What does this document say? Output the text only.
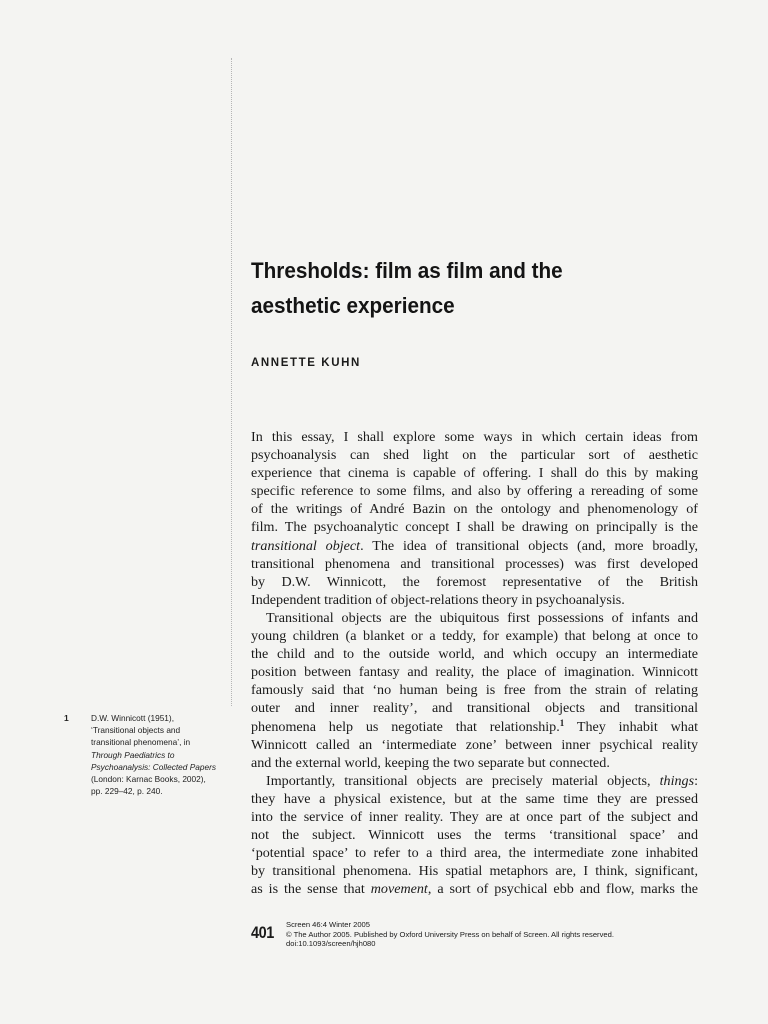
Thresholds: film as film and the
aesthetic experience

ANNETTE KUHN

In this essay, I shall explore some ways in which certain ideas from
psychoanalysis can shed light on the particular sort of aesthetic
experience that cinema is capable of offering. I shall do this by making
specific reference to some films, and also by offering a rereading of some
of the writings of André Bazin on the ontology and phenomenology of
film. The psychoanalytic concept I shall be drawing on principally is the
transitional object. The idea of transitional objects (and, more broadly,
transitional phenomena and transitional processes) was first developed
by D.W. Winnicott, the foremost representative of the British
Independent tradition of object-relations theory in psychoanalysis.
Transitional objects are the ubiquitous first possessions of infants and
young children (a blanket or a teddy, for example) that belong at once to
the child and to the outside world, and which occupy an intermediate
position between fantasy and reality, the place of imagination. Winnicott
famously said that ‘no human being is free from the strain of relating
outer and inner reality’, and transitional objects and transitional
phenomena help us negotiate that relationship.$^1$ They inhabit what
Winnicott called an ‘intermediate zone’ between inner psychical reality
and the external world, keeping the two separate but connected.
Importantly, transitional objects are precisely material objects, things:
they have a physical existence, but at the same time they are pressed
into the service of inner reality. They are at once part of the subject and
not the subject. Winnicott uses the terms ‘transitional space’ and
‘potential space’ to refer to a third area, the intermediate zone inhabited
by transitional phenomena. His spatial metaphors are, I think, significant,
as is the sense that movement, a sort of psychical ebb and flow, marks the
1	D.W. Winnicott (1951),
‘Transitional objects and
transitional phenomena’, in
Through Paediatrics to
Psychoanalysis: Collected Papers
(London: Karnac Books, 2002),
pp. 229–42, p. 240.
401 Screen 46:4 Winter 2005
© The Author 2005. Published by Oxford University Press on behalf of Screen. All rights reserved.
doi:10.1093/screen/hjh080
